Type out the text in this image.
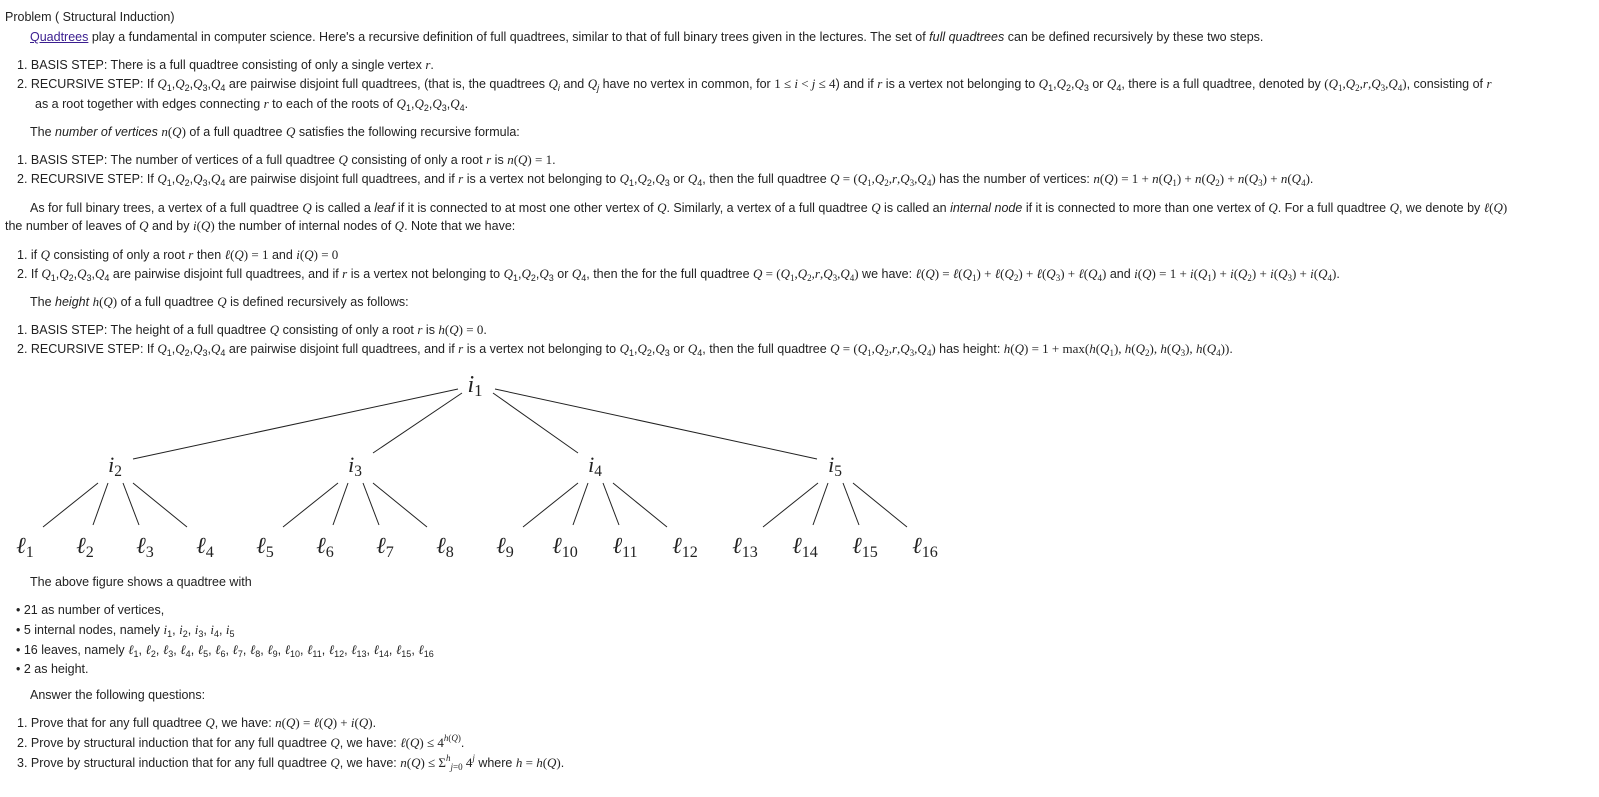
Problem ( Structural Induction)
Quadtrees play a fundamental in computer science. Here's a recursive definition of full quadtrees, similar to that of full binary trees given in the lectures. The set of full quadtrees can be defined recursively by these two steps.
1. BASIS STEP: There is a full quadtree consisting of only a single vertex r.
2. RECURSIVE STEP: If $Q_1,Q_2,Q_3,Q_4$ are pairwise disjoint full quadtrees, (that is, the quadtrees $Q_i$ and $Q_j$ have no vertex in common, for 1 ≤ i < j ≤ 4) and if r is a vertex not belonging to $Q_1,Q_2,Q_3$ or $Q_4$, there is a full quadtree, denoted by $(Q_1,Q_2,r,Q_3,Q_4)$, consisting of r
as a root together with edges connecting r to each of the roots of $Q_1,Q_2,Q_3,Q_4$.
The number of vertices n(Q) of a full quadtree Q satisfies the following recursive formula:
1. BASIS STEP: The number of vertices of a full quadtree Q consisting of only a root r is n(Q) = 1.
2. RECURSIVE STEP: If $Q_1,Q_2,Q_3,Q_4$ are pairwise disjoint full quadtrees, and if r is a vertex not belonging to $Q_1,Q_2,Q_3$ or $Q_4$, then the full quadtree $Q = (Q_1,Q_2,r,Q_3,Q_4)$ has the number of vertices: $n(Q) = 1 + n(Q_1) + n(Q_2) + n(Q_3) + n(Q_4)$.
As for full binary trees, a vertex of a full quadtree Q is called a leaf if it is connected to at most one other vertex of Q. Similarly, a vertex of a full quadtree Q is called an internal node if it is connected to more than one vertex of Q. For a full quadtree Q, we denote by ℓ(Q)
the number of leaves of Q and by i(Q) the number of internal nodes of Q. Note that we have:
1. if Q consisting of only a root r then ℓ(Q) = 1 and i(Q) = 0
2. If $Q_1,Q_2,Q_3,Q_4$ are pairwise disjoint full quadtrees, and if r is a vertex not belonging to $Q_1,Q_2,Q_3$ or $Q_4$, then the for the full quadtree $Q = (Q_1,Q_2,r,Q_3,Q_4)$ we have: ℓ(Q) = $\ell(Q_1)$ + $\ell(Q_2)$ + $\ell(Q_3)$ + $\ell(Q_4)$ and $i(Q) = 1 + i(Q_1) + i(Q_2) + i(Q_3) + i(Q_4)$.
The height h(Q) of a full quadtree Q is defined recursively as follows:
1. BASIS STEP: The height of a full quadtree Q consisting of only a root r is h(Q) = 0.
2. RECURSIVE STEP: If $Q_1,Q_2,Q_3,Q_4$ are pairwise disjoint full quadtrees, and if r is a vertex not belonging to $Q_1,Q_2,Q_3$ or $Q_4$, then the full quadtree $Q = (Q_1,Q_2,r,Q_3,Q_4)$ has height: $h(Q) = 1 + \max(h(Q_1)$, $h(Q_2)$, $h(Q_3)$, $h(Q_4)$).
i1
i2	i3	i4	i5
ℓ1 ℓ2 ℓ3 ℓ4 ℓ5 ℓ6 ℓ7 ℓ8 ℓ9 ℓ10 ℓ11 ℓ12 ℓ13 ℓ14 ℓ15 ℓ16
The above figure shows a quadtree with
• 21 as number of vertices,
• 5 internal nodes, namely $i_1$, $i_2$, $i_3$, $i_4$, $i_5$
• 16 leaves, namely ℓ$_1$, ℓ$_2$, ℓ$_3$, ℓ$_4$, ℓ$_5$, ℓ$_6$, ℓ$_7$, ℓ$_8$, ℓ$_9$, ℓ$_{10}$, ℓ$_{11}$, ℓ$_{12}$, ℓ$_{13}$, ℓ$_{14}$, ℓ$_{15}$, ℓ$_{16}$
• 2 as height.
Answer the following questions:
1. Prove that for any full quadtree Q, we have: n(Q) = ℓ(Q) + i(Q).
2. Prove by structural induction that for any full quadtree Q, we have: ℓ(Q) ≤ $4^{h(Q)}$.
3. Prove by structural induction that for any full quadtree Q, we have: $n(Q) \le \Sigma^h_{j=0}$ 4$^j$ where h = h(Q).
